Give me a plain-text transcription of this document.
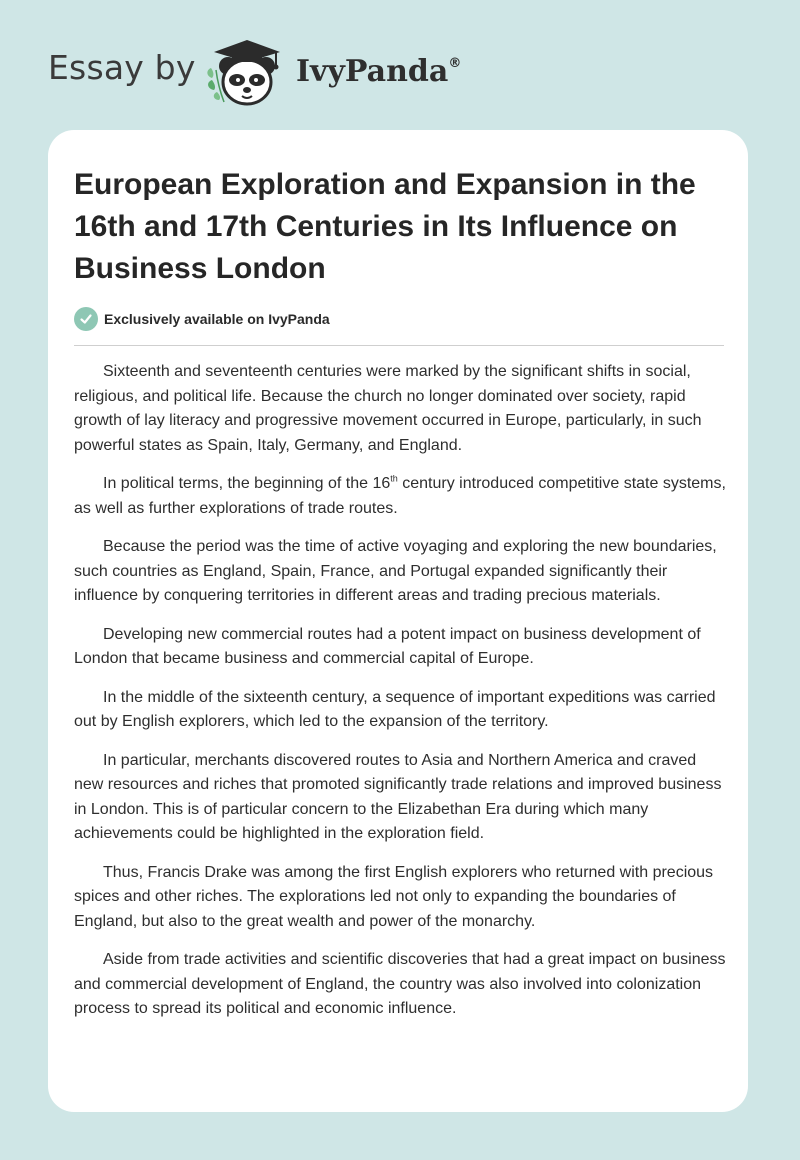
Essay by	IvyPanda®
European Exploration and Expansion in the 16th and 17th Centuries in Its Influence on Business London
Exclusively available on IvyPanda

Sixteenth and seventeenth centuries were marked by the significant shifts in social, religious, and political life. Because the church no longer dominated over society, rapid growth of lay literacy and progressive movement occurred in Europe, particularly, in such powerful states as Spain, Italy, Germany, and England.

In political terms, the beginning of the 16th century introduced competitive state systems, as well as further explorations of trade routes.

Because the period was the time of active voyaging and exploring the new boundaries, such countries as England, Spain, France, and Portugal expanded significantly their influence by conquering territories in different areas and trading precious materials.

Developing new commercial routes had a potent impact on business development of London that became business and commercial capital of Europe.

In the middle of the sixteenth century, a sequence of important expeditions was carried out by English explorers, which led to the expansion of the territory.

In particular, merchants discovered routes to Asia and Northern America and craved new resources and riches that promoted significantly trade relations and improved business in London. This is of particular concern to the Elizabethan Era during which many achievements could be highlighted in the exploration field.

Thus, Francis Drake was among the first English explorers who returned with precious spices and other riches. The explorations led not only to expanding the boundaries of England, but also to the great wealth and power of the monarchy.

Aside from trade activities and scientific discoveries that had a great impact on business and commercial development of England, the country was also involved into colonization process to spread its political and economic influence.
